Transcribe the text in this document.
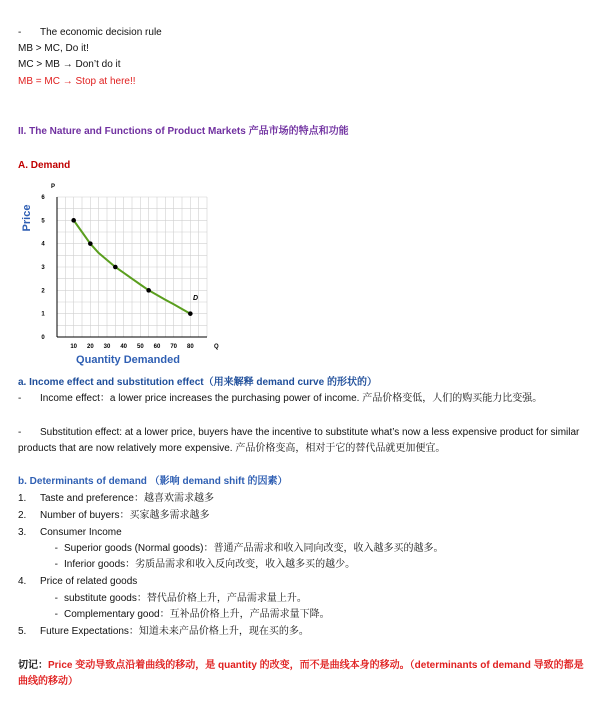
- The economic decision rule
MB > MC, Do it!
MC > MB → Don’t do it
MB = MC → Stop at here!!
II. The Nature and Functions of Product Markets 产品市场的特点和功能
A. Demand
10 20 30 40 50 60 70 80
0
1
2
3
4
5
6
Price
Quantity Demanded
P
Q
D
a. Income effect and substitution effect（用来解释 demand curve 的形状的）
- Income effect：a lower price increases the purchasing power of income. 产品价格变低，人们的购买能力比变强。
- Substitution effect: at a lower price, buyers have the incentive to substitute what’s now a less expensive product for similar products that are now relatively more expensive. 产品价格变高，相对于它的替代品就更加便宜。
b. Determinants of demand （影响 demand shift 的因素）
1. Taste and preference：越喜欢需求越多
2. Number of buyers：买家越多需求越多
3. Consumer Income
- Superior goods (Normal goods)：普通产品需求和收入同向改变，收入越多买的越多。
- Inferior goods：劣质品需求和收入反向改变，收入越多买的越少。
4. Price of related goods
- substitute goods：替代品价格上升，产品需求量上升。
- Complementary good：互补品价格上升，产品需求量下降。
5. Future Expectations：知道未来产品价格上升，现在买的多。
切记：Price 变动导致点沿着曲线的移动，是 quantity 的改变，而不是曲线本身的移动。（determinants of demand 导致的都是曲线的移动）
